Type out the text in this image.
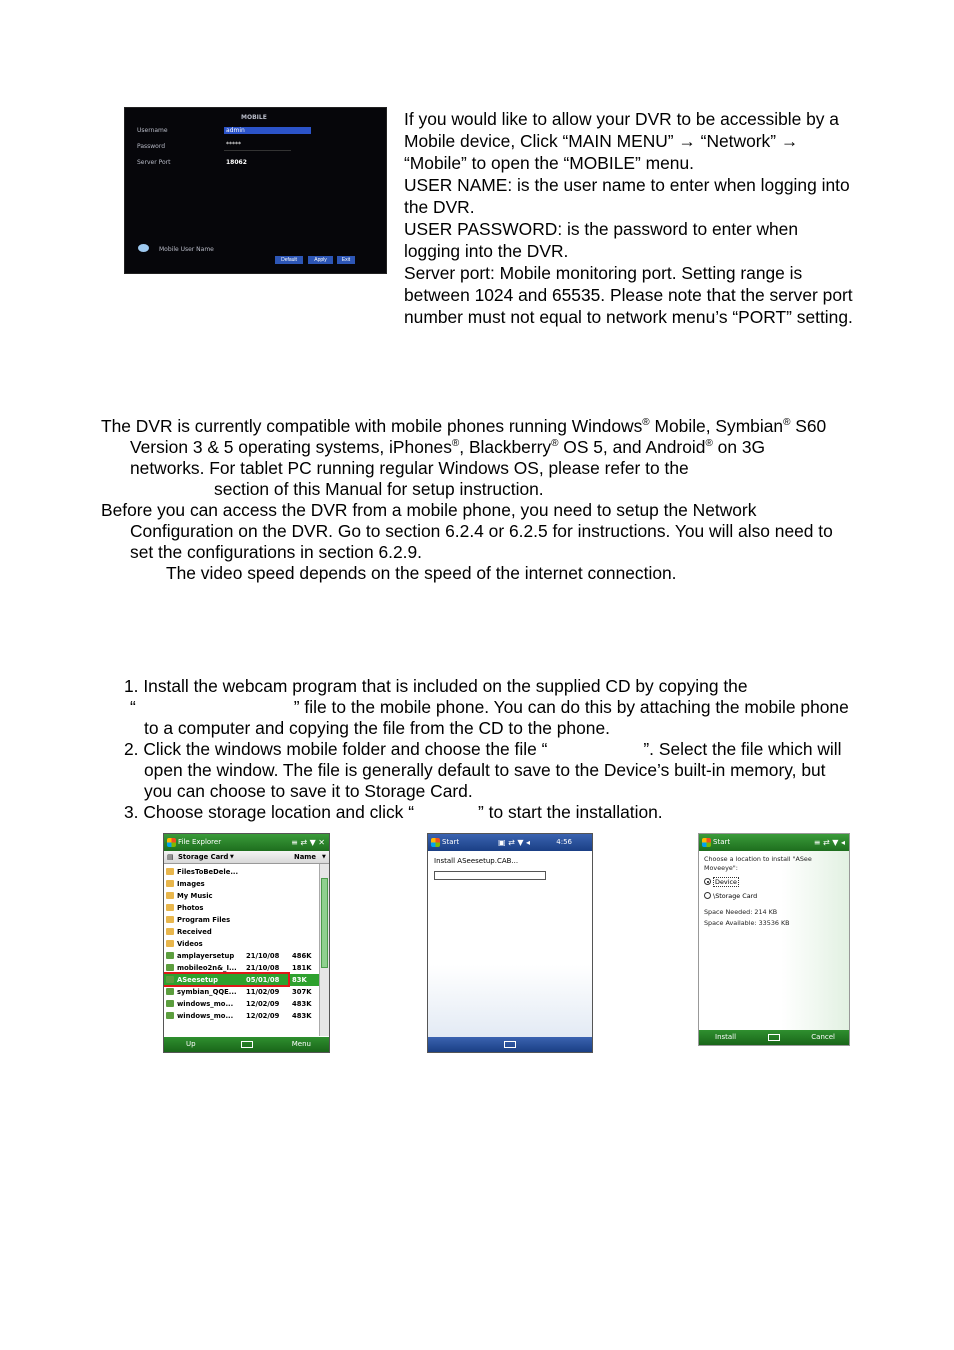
MOBILE
Username	admin
Password	*****
Server Port	18062
Mobile User Name
Default	Apply	Exit

If you would like to allow your DVR to be accessible by a

Mobile device, Click “MAIN MENU” → “Network” →

“Mobile” to open the “MOBILE” menu.

USER NAME: is the user name to enter when logging into

the DVR.

USER PASSWORD: is the password to enter when

logging into the DVR.

Server port: Mobile monitoring port. Setting range is

between 1024 and 65535. Please note that the server port

number must not equal to network menu’s “PORT” setting.

The DVR is currently compatible with mobile phones running Windows® Mobile, Symbian® S60

Version 3 & 5 operating systems, iPhones®, Blackberry® OS 5, and Android® on 3G

networks. For tablet PC running regular Windows OS, please refer to the

section of this Manual for setup instruction.

Before you can access the DVR from a mobile phone, you need to setup the Network

Configuration on the DVR. Go to section 6.2.4 or 6.2.5 for instructions. You will also need to

set the configurations in section 6.2.9.

The video speed depends on the speed of the internet connection.

1. Install the webcam program that is included on the supplied CD by copying the

“	” file to the mobile phone. You can do this by attaching the mobile phone

to a computer and copying the file from the CD to the phone.

2. Click the windows mobile folder and choose the file “	”. Select the file which will

open the window. The file is generally default to save to the Device’s built-in memory, but

you can choose to save it to Storage Card.

3. Choose storage location and click “	” to start the installation.

File Explorer	≡ ⇄ ▼ ✕
▤ Storage Card ▼	Name ▼
FilesToBeDele...
Images
My Music
Photos
Program Files
Received
Videos
amplayersetup 21/10/08 486K
mobileo2n&_I... 21/10/08 181K
ASeesetup	05/01/08 83K
symbian_QQE... 11/02/09 307K
windows_mo... 12/02/09 483K
windows_mo... 12/02/09 483K
Up	Menu
Start	▣ ⇄ ▼ ◂	4:56
Install ASeesetup.CAB...
Start	≡ ⇄ ▼ ◂
Choose a location to install "ASee
Moveeye":
Device
\Storage Card
Space Needed: 214 KB
Space Available: 33536 KB
Install	Cancel
